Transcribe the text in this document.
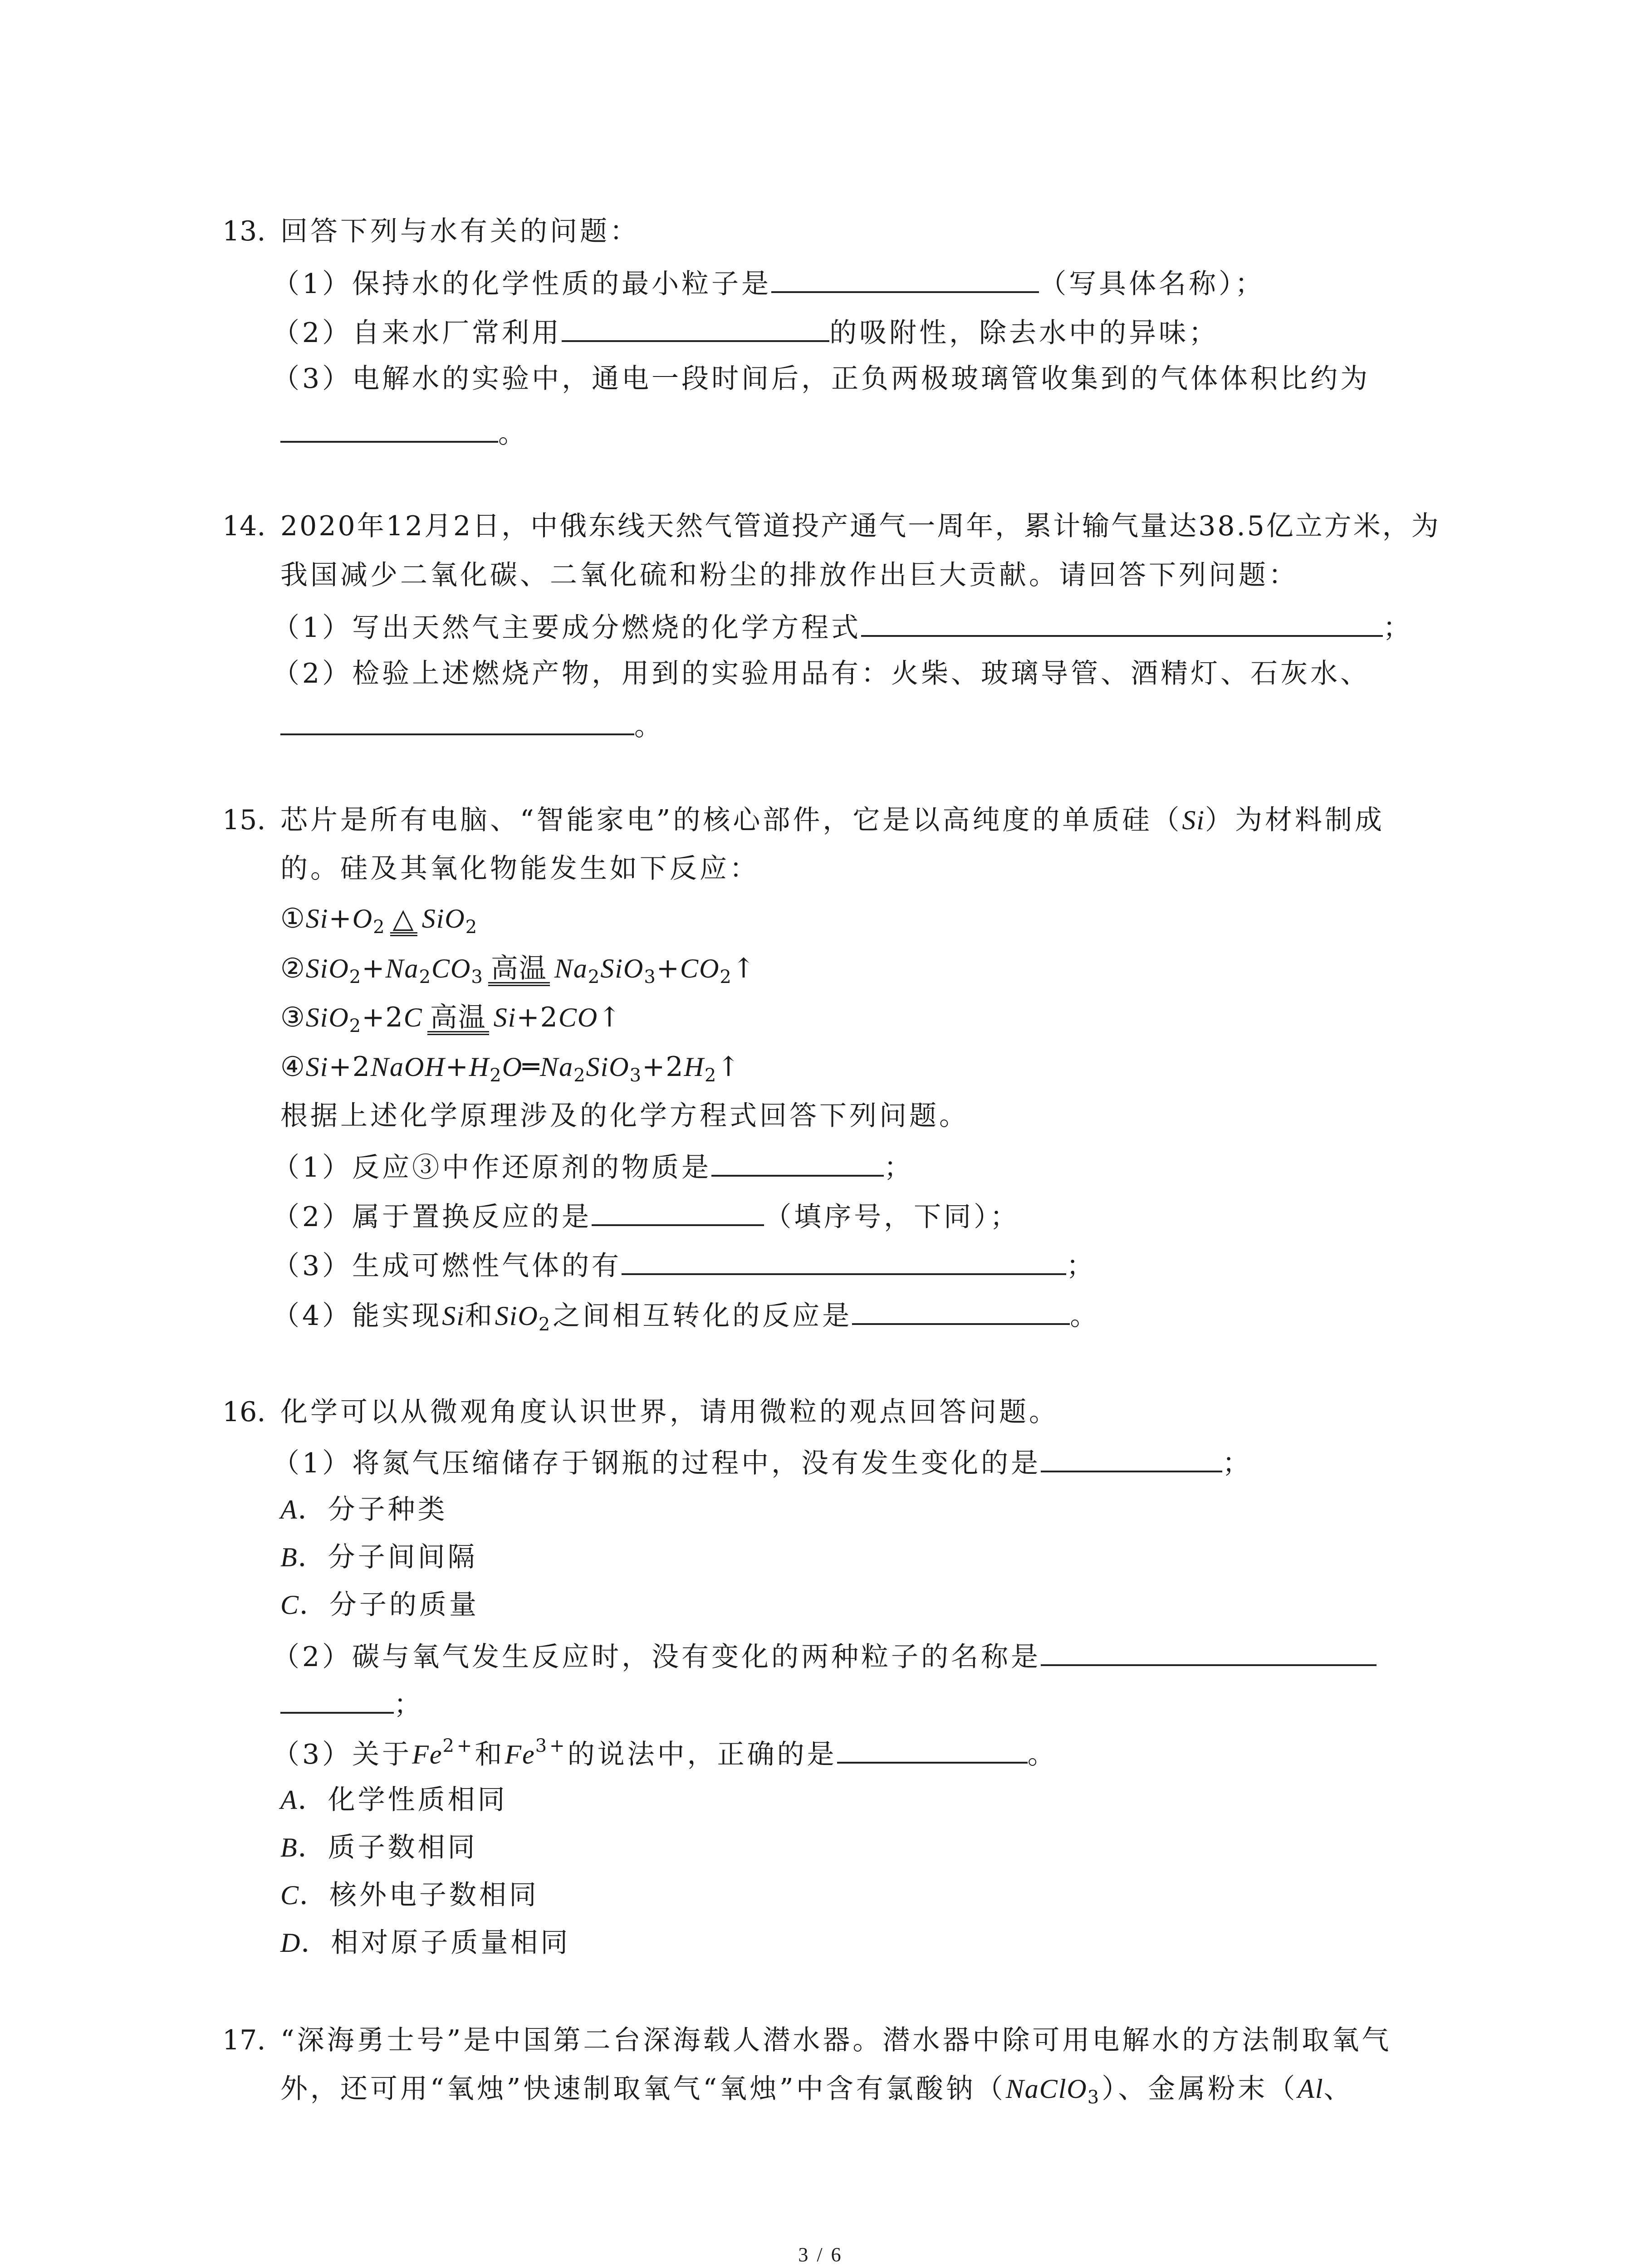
13. 回答下列与水有关的问题：
（1）保持水的化学性质的最小粒子是	（写具体名称）；
（2）自来水厂常利用	的吸附性，除去水中的异味；
（3）电解水的实验中，通电一段时间后，正负两极玻璃管收集到的气体体积比约为
。
14. 2020年12月2日，中俄东线天然气管道投产通气一周年，累计输气量达38.5亿立方米，为
我国减少二氧化碳、二氧化硫和粉尘的排放作出巨大贡献。请回答下列问题：
（1）写出天然气主要成分燃烧的化学方程式	；
（2）检验上述燃烧产物，用到的实验用品有：火柴、玻璃导管、酒精灯、石灰水、
。
15. 芯片是所有电脑、“智能家电”的核心部件，它是以高纯度的单质硅（Si）为材料制成
的。硅及其氧化物能发生如下反应：
$①Si+O_2$ △ SiO$_2$
$②SiO_2+Na_2CO_3$ 高温 $Na_2SiO_3+CO_2↑$
③SiO$_2$+2C 高温 Si+2CO↑
$④Si+2NaOH+H_2O═Na_2SiO_3+2H_2↑$
根据上述化学原理涉及的化学方程式回答下列问题。
（1）反应③中作还原剂的物质是	；
（2）属于置换反应的是	（填序号，下同）；
（3）生成可燃性气体的有	；
（4）能实现Si和SiO$_2$之间相互转化的反应是	。
16. 化学可以从微观角度认识世界，请用微粒的观点回答问题。
（1）将氮气压缩储存于钢瓶的过程中，没有发生变化的是	；
A．分子种类
B．分子间间隔
C．分子的质量
（2）碳与氧气发生反应时，没有变化的两种粒子的名称是
；
（3）关于$Fe^{2+}$和$Fe^{3+}$的说法中，正确的是	。
A．化学性质相同
B．质子数相同
C．核外电子数相同
D．相对原子质量相同
17. “深海勇士号”是中国第二台深海载人潜水器。潜水器中除可用电解水的方法制取氧气
外，还可用“氧烛”快速制取氧气“氧烛”中含有氯酸钠（NaClO$_3$）、金属粉末（Al、
3 / 6
